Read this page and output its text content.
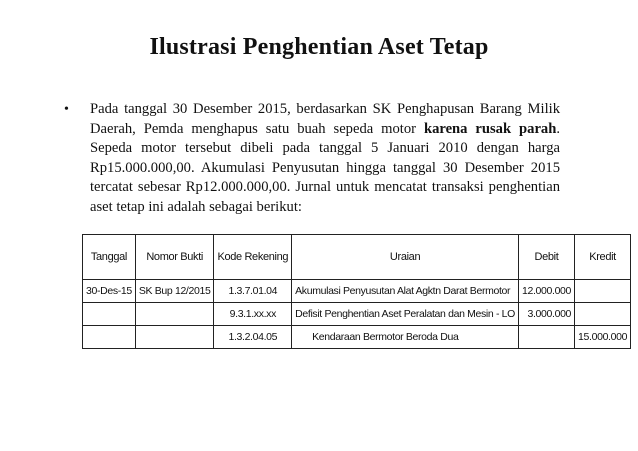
Ilustrasi Penghentian Aset Tetap
• Pada tanggal 30 Desember 2015, berdasarkan SK Penghapusan Barang Milik Daerah, Pemda menghapus satu buah sepeda motor karena rusak parah. Sepeda motor tersebut dibeli pada tanggal 5 Januari 2010 dengan harga Rp15.000.000,00. Akumulasi Penyusutan hingga tanggal 30 Desember 2015 tercatat sebesar Rp12.000.000,00. Jurnal untuk mencatat transaksi penghentian aset tetap ini adalah sebagai berikut:
Tanggal	Nomor Bukti	Kode Rekening	Uraian	Debit	Kredit
30-Des-15	SK Bup 12/2015	1.3.7.01.04	Akumulasi Penyusutan Alat Agktn Darat Bermotor	12.000.000	
		9.3.1.xx.xx	Defisit Penghentian Aset Peralatan dan Mesin - LO	3.000.000	
		1.3.2.04.05	Kendaraan Bermotor Beroda Dua		15.000.000
